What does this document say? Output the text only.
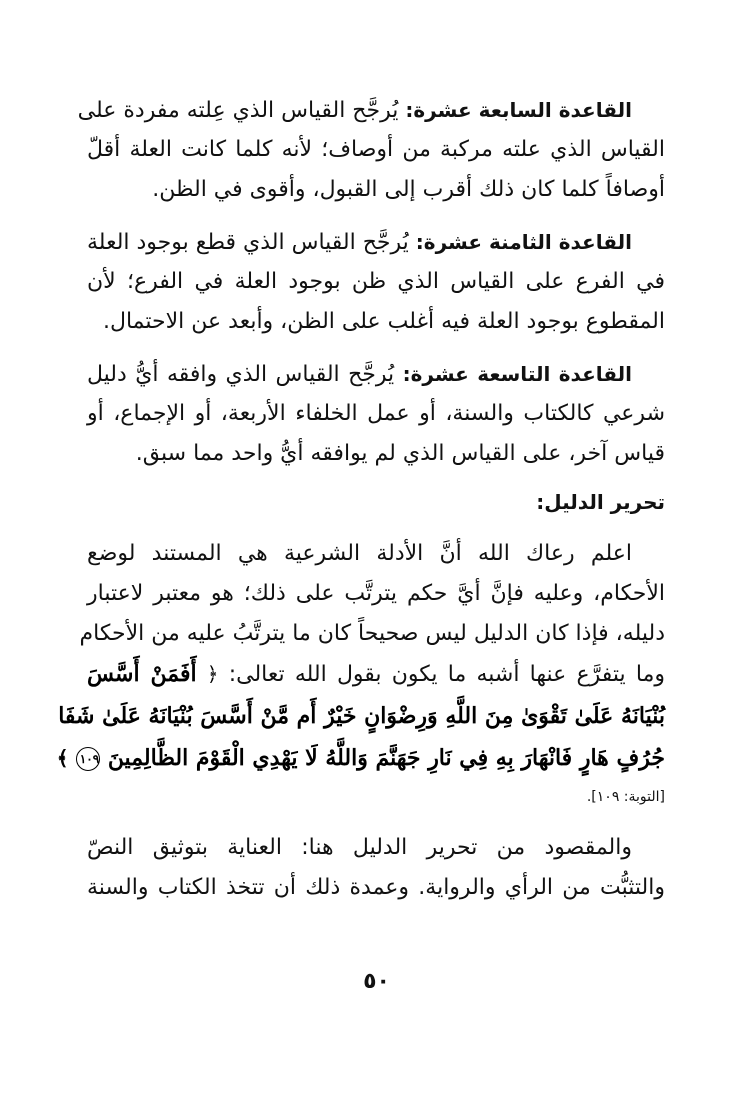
القاعدة السابعة عشرة: يُرجَّح القياس الذي عِلته مفردة على
القياس الذي علته مركبة من أوصاف؛ لأنه كلما كانت العلة أقلّ
أوصافاً كلما كان ذلك أقرب إلى القبول، وأقوى في الظن.
القاعدة الثامنة عشرة: يُرجَّح القياس الذي قطع بوجود العلة
في الفرع على القياس الذي ظن بوجود العلة في الفرع؛ لأن
المقطوع بوجود العلة فيه أغلب على الظن، وأبعد عن الاحتمال.
القاعدة التاسعة عشرة: يُرجَّح القياس الذي وافقه أيُّ دليل
شرعي كالكتاب والسنة، أو عمل الخلفاء الأربعة، أو الإجماع، أو
قياس آخر، على القياس الذي لم يوافقه أيُّ واحد مما سبق.
تحرير الدليل:
اعلم رعاك الله أنَّ الأدلة الشرعية هي المستند لوضع
الأحكام، وعليه فإنَّ أيَّ حكم يترتَّب على ذلك؛ هو معتبر لاعتبار
دليله، فإذا كان الدليل ليس صحيحاً كان ما يترتَّبُ عليه من الأحكام
وما يتفرَّع عنها أشبه ما يكون بقول الله تعالى: ﴿ أَفَمَنْ أَسَّسَ
بُنْيَانَهُ عَلَىٰ تَقْوَىٰ مِنَ اللَّهِ وَرِضْوَانٍ خَيْرٌ أَم مَّنْ أَسَّسَ بُنْيَانَهُ عَلَىٰ شَفَا
جُرُفٍ هَارٍ فَانْهَارَ بِهِ فِي نَارِ جَهَنَّمَ وَاللَّهُ لَا يَهْدِي الْقَوْمَ الظَّالِمِينَ ١٠٩ ﴾
[التوبة: ١٠٩].
والمقصود من تحرير الدليل هنا: العناية بتوثيق النصّ
والتثبُّت من الرأي والرواية. وعمدة ذلك أن تتخذ الكتاب والسنة
٥٠
